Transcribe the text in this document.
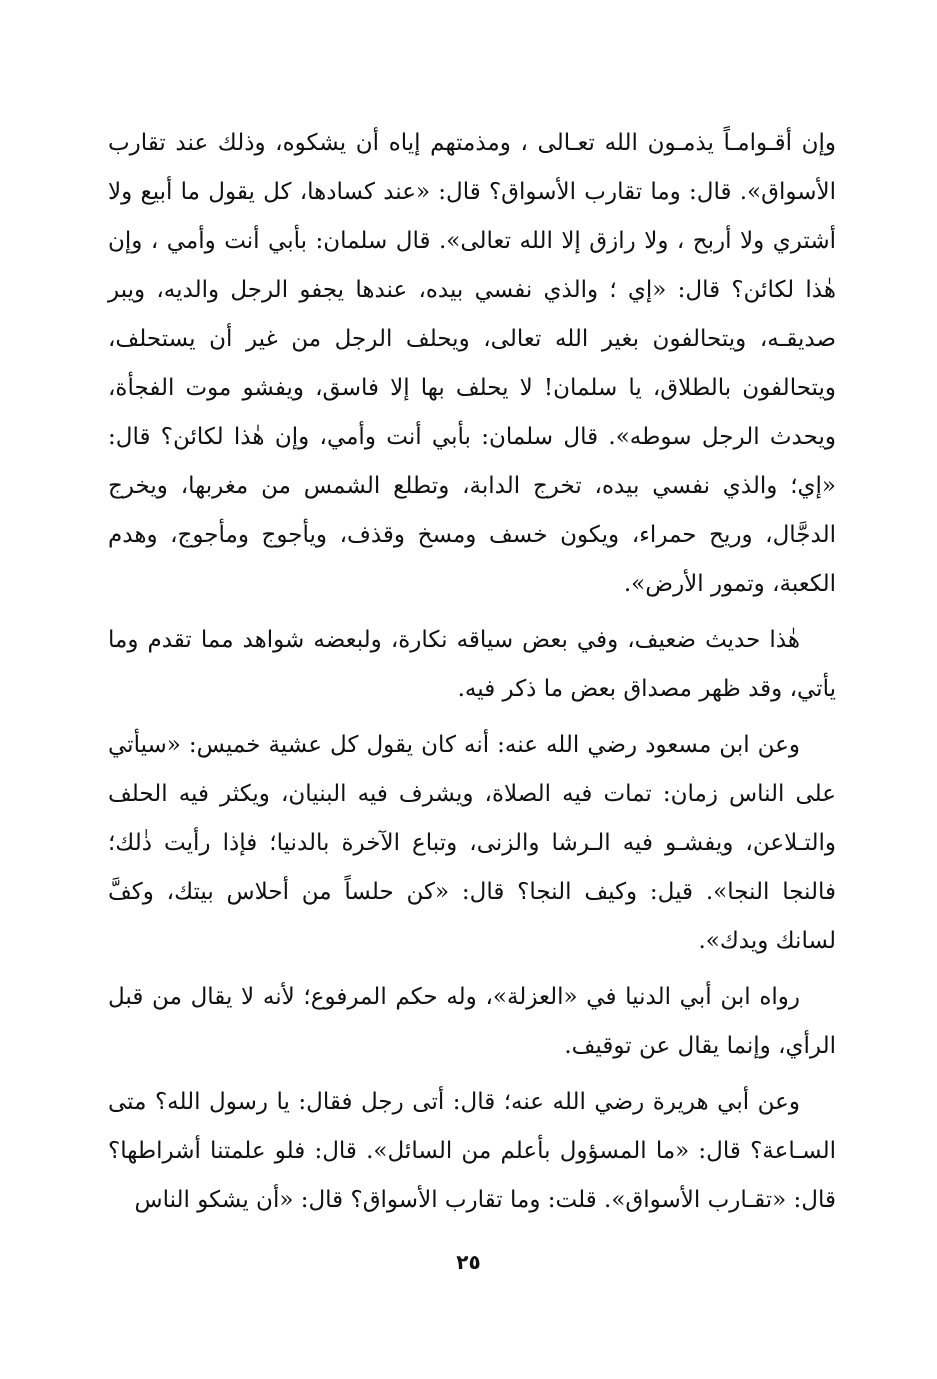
وإن أقـوامـاً يذمـون الله تعـالى ، ومذمتهم إياه أن يشكوه، وذلك عند تقارب الأسواق». قال: وما تقارب الأسواق؟ قال: «عند كسادها، كل يقول ما أبيع ولا أشتري ولا أربح ، ولا رازق إلا الله تعالى». قال سلمان: بأبي أنت وأمي ، وإن هٰذا لكائن؟ قال: «إي ؛ والذي نفسي بيده، عندها يجفو الرجل والديه، ويبر صديقـه، ويتحالفون بغير الله تعالى، ويحلف الرجل من غير أن يستحلف، ويتحالفون بالطلاق، يا سلمان! لا يحلف بها إلا فاسق، ويفشو موت الفجأة، ويحدث الرجل سوطه». قال سلمان: بأبي أنت وأمي، وإن هٰذا لكائن؟ قال: «إي؛ والذي نفسي بيده، تخرج الدابة، وتطلع الشمس من مغربها، ويخرج الدجَّال، وريح حمراء، ويكون خسف ومسخ وقذف، ويأجوج ومأجوج، وهدم الكعبة، وتمور الأرض».

هٰذا حديث ضعيف، وفي بعض سياقه نكارة، ولبعضه شواهد مما تقدم وما يأتي، وقد ظهر مصداق بعض ما ذكر فيه.

وعن ابن مسعود رضي الله عنه: أنه كان يقول كل عشية خميس: «سيأتي على الناس زمان: تمات فيه الصلاة، ويشرف فيه البنيان، ويكثر فيه الحلف والتـلاعن، ويفشـو فيه الـرشا والزنى، وتباع الآخرة بالدنيا؛ فإذا رأيت ذٰلك؛ فالنجا النجا». قيل: وكيف النجا؟ قال: «كن حلساً من أحلاس بيتك، وكفَّ لسانك ويدك».

رواه ابن أبي الدنيا في «العزلة»، وله حكم المرفوع؛ لأنه لا يقال من قبل الرأي، وإنما يقال عن توقيف.

وعن أبي هريرة رضي الله عنه؛ قال: أتى رجل فقال: يا رسول الله؟ متى السـاعة؟ قال: «ما المسؤول بأعلم من السائل». قال: فلو علمتنا أشراطها؟ قال: «تقـارب الأسواق». قلت: وما تقارب الأسواق؟ قال: «أن يشكو الناس

٢٥
